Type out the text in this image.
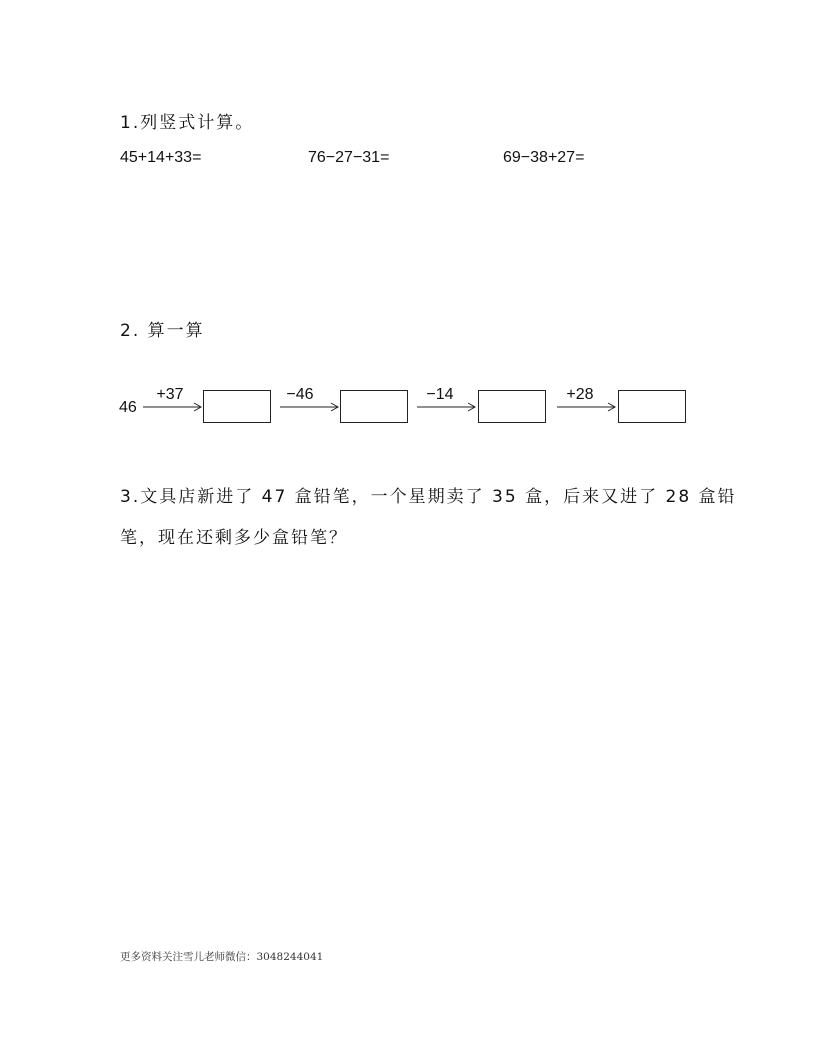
1.列竖式计算。
45+14+33=	76−27−31=	69−38+27=
2. 算一算
46
+37	−46	−14	+28
3.文具店新进了 47 盒铅笔，一个星期卖了 35 盒，后来又进了 28 盒铅
笔，现在还剩多少盒铅笔？
更多资料关注雪儿老师微信：3048244041
